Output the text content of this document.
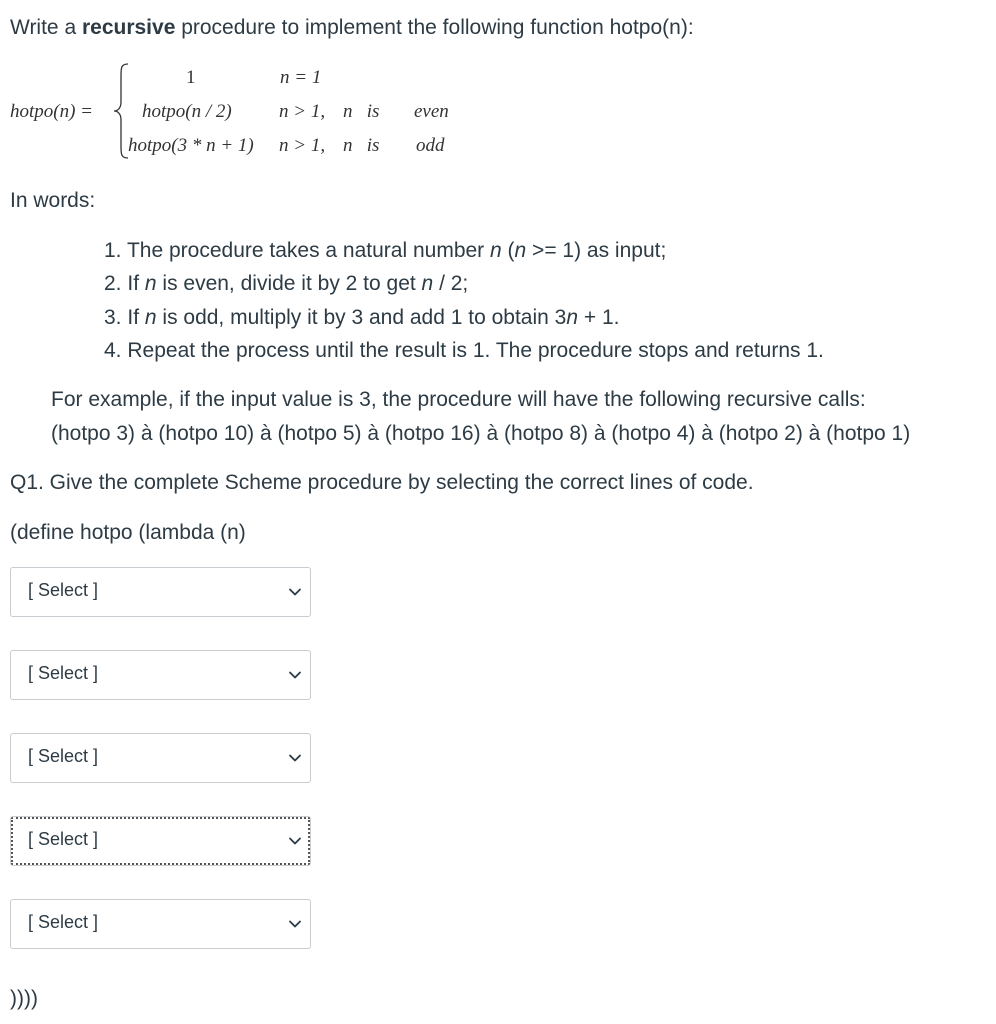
Write a recursive procedure to implement the following function hotpo(n):
hotpo(n) =
1	n = 1
hotpo(n / 2) n > 1, n   is even
hotpo(3 * n + 1) n > 1, n   is odd
In words:
1. The procedure takes a natural number n (n >= 1) as input;
2. If n is even, divide it by 2 to get n / 2;
3. If n is odd, multiply it by 3 and add 1 to obtain 3n + 1.
4. Repeat the process until the result is 1. The procedure stops and returns 1.
For example, if the input value is 3, the procedure will have the following recursive calls:
(hotpo 3) à (hotpo 10) à (hotpo 5) à (hotpo 16) à (hotpo 8) à (hotpo 4) à (hotpo 2) à (hotpo 1)
Q1. Give the complete Scheme procedure by selecting the correct lines of code.
(define hotpo (lambda (n)
[ Select ]
[ Select ]
[ Select ]
[ Select ]
[ Select ]
))))
